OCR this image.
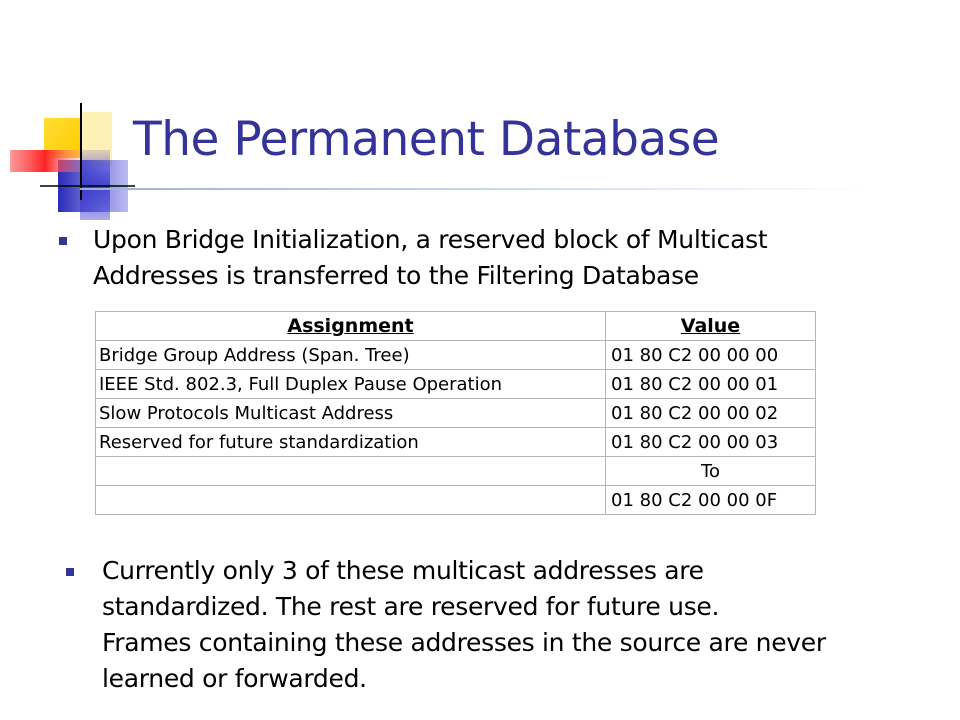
The Permanent Database
Upon Bridge Initialization, a reserved block of Multicast
Addresses is transferred to the Filtering Database
Assignment	Value
Bridge Group Address (Span. Tree)	01 80 C2 00 00 00
IEEE Std. 802.3, Full Duplex Pause Operation	01 80 C2 00 00 01
Slow Protocols Multicast Address	01 80 C2 00 00 02
Reserved for future standardization	01 80 C2 00 00 03
	To
	01 80 C2 00 00 0F
Currently only 3 of these multicast addresses are
standardized. The rest are reserved for future use.
Frames containing these addresses in the source are never
learned or forwarded.
